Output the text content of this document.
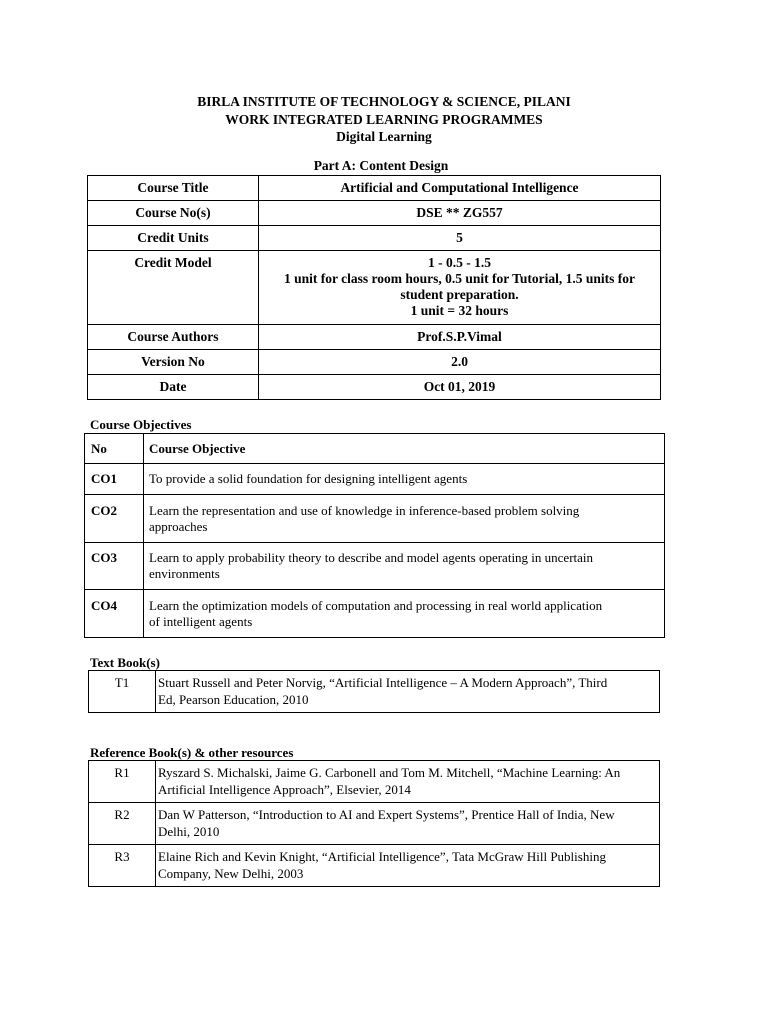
BIRLA INSTITUTE OF TECHNOLOGY & SCIENCE, PILANI
WORK INTEGRATED LEARNING PROGRAMMES
Digital Learning
Part A: Content Design
Course Title	Artificial and Computational Intelligence

Course No(s)	DSE ** ZG557

Credit Units	5

Credit Model	1 - 0.5 - 1.5
1 unit for class room hours, 0.5 unit for Tutorial, 1.5 units for
student preparation.
1 unit = 32 hours

Course Authors	Prof.S.P.Vimal

Version No	2.0

Date	Oct 01, 2019
Course Objectives
No	Course Objective
CO1	To provide a solid foundation for designing intelligent agents
CO2	Learn the representation and use of knowledge in inference-based problem solving
approaches

CO3	Learn to apply probability theory to describe and model agents operating in uncertain
environments

CO4	Learn the optimization models of computation and processing in real world application
of intelligent agents
Text Book(s)
T1	Stuart Russell and Peter Norvig, “Artificial Intelligence – A Modern Approach”, Third
Ed, Pearson Education, 2010
Reference Book(s) & other resources
R1	Ryszard S. Michalski, Jaime G. Carbonell and Tom M. Mitchell, “Machine Learning: An
Artificial Intelligence Approach”, Elsevier, 2014

R2	Dan W Patterson, “Introduction to AI and Expert Systems”, Prentice Hall of India, New
Delhi, 2010

R3	Elaine Rich and Kevin Knight, “Artificial Intelligence”, Tata McGraw Hill Publishing
Company, New Delhi, 2003
